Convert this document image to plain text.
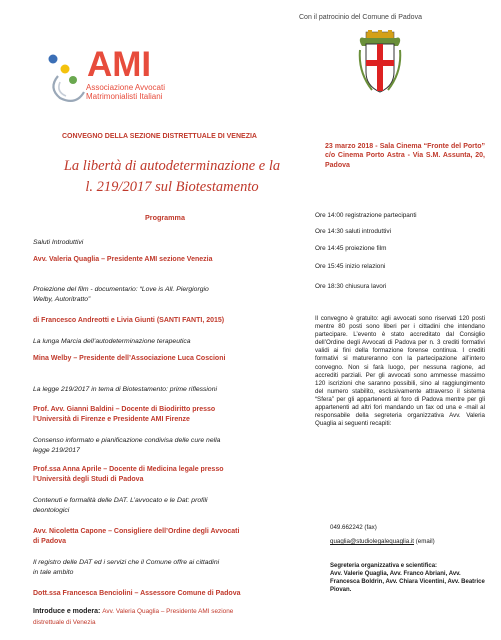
AMI
Associazione Avvocati
Matrimonialisti Italiani
Con il patrocinio del Comune di Padova
CONVEGNO DELLA SEZIONE DISTRETTUALE DI VENEZIA
La libertà di autodeterminazione e la
l. 219/2017 sul Biotestamento
Programma
Saluti Introduttivi
Avv. Valeria Quaglia – Presidente AMI sezione Venezia
Proiezione del film - documentario: “Love is All. Piergiorgio
Welby, Autoritratto”
di Francesco Andreotti e Livia Giunti (SANTI FANTI, 2015)
La lunga Marcia dell’autodeterminazione terapeutica
Mina Welby – Presidente dell’Associazione Luca Coscioni
La legge 219/2017 in tema di Biotestamento: prime riflessioni
Prof. Avv. Gianni Baldini – Docente di Biodiritto presso
l’Università di Firenze e Presidente AMI Firenze
Consenso informato e pianificazione condivisa delle cure nella
legge 219/2017
Prof.ssa Anna Aprile – Docente di Medicina legale presso
l’Università degli Studi di Padova
Contenuti e formalità delle DAT. L’avvocato e le Dat: profili
deontologici
Avv. Nicoletta Capone – Consigliere dell’Ordine degli Avvocati
di Padova
Il registro delle DAT ed i servizi che il Comune offre ai cittadini
in tale ambito
Dott.ssa Francesca Benciolini – Assessore Comune di Padova
Introduce e modera: Avv. Valeria Quaglia – Presidente AMI sezione
distrettuale di Venezia
23 marzo 2018 - Sala Cinema “Fronte del Porto” c/o Cinema Porto Astra - Via S.M. Assunta, 20, Padova
Ore 14:00 registrazione partecipanti
Ore 14:30 saluti introduttivi
Ore 14:45 proiezione film
Ore 15:45 inizio relazioni
Ore 18:30 chiusura lavori
Il convegno è gratuito: agli avvocati sono riservati 120 posti mentre 80 posti sono liberi per i cittadini che intendano partecipare. L’evento è stato accreditato dal Consiglio dell’Ordine degli Avvocati di Padova per n. 3 crediti formativi validi ai fini della formazione forense continua. I crediti formativi si matureranno con la partecipazione all’intero convegno. Non si farà luogo, per nessuna ragione, ad accrediti parziali. Per gli avvocati sono ammesse massimo 120 iscrizioni che saranno possibili, sino al raggiungimento del numero stabilito, esclusivamente attraverso il sistema “Sfera” per gli appartenenti al foro di Padova mentre per gli appartenenti ad altri fori mandando un fax od una e -mail al responsabile della segreteria organizzativa Avv. Valeria Quaglia ai seguenti recapiti:
049.662242 (fax)
quaglia@studiolegalequaglia.it (email)
Segreteria organizzativa e scientifica:
Avv. Valerie Quaglia, Avv. Franco Abriani, Avv. Francesca Boldrin, Avv. Chiara Vicentini, Avv. Beatrice Piovan.
